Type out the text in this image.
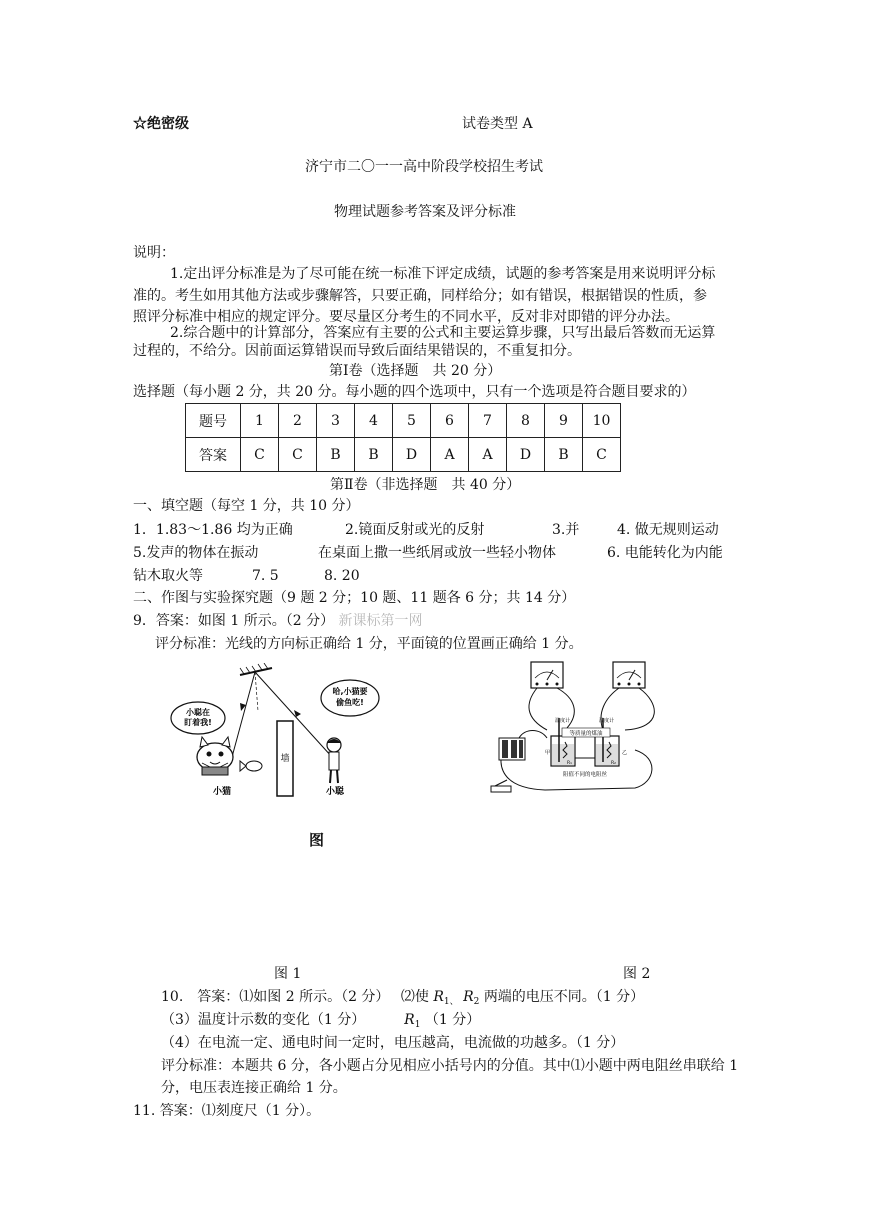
☆绝密级	试卷类型 A
济宁市二〇一一高中阶段学校招生考试
物理试题参考答案及评分标准
说明：
1.定出评分标准是为了尽可能在统一标准下评定成绩，试题的参考答案是用来说明评分标
准的。考生如用其他方法或步骤解答，只要正确，同样给分；如有错误，根据错误的性质，参
照评分标准中相应的规定评分。要尽量区分考生的不同水平，反对非对即错的评分办法。
2.综合题中的计算部分，答案应有主要的公式和主要运算步骤，只写出最后答数而无运算
过程的，不给分。因前面运算错误而导致后面结果错误的，不重复扣分。
第Ⅰ卷（选择题　共 20 分）
选择题（每小题 2 分，共 20 分。每小题的四个选项中，只有一个选项是符合题目要求的）
题号	1	2	3	4	5	6	7	8	9	10
答案	C	C	B	B	D	A	A	D	B	C
第Ⅱ卷（非选择题　共 40 分）
一、填空题（每空 1 分，共 10 分）
1．1.83～1.86 均为正确	2.镜面反射或光的反射	3.并	4. 做无规则运动
5.发声的物体在振动	在桌面上撒一些纸屑或放一些轻小物体	6. 电能转化为内能
钻木取火等	7. 5	8. 20
二、作图与实验探究题（9 题 2 分；10 题、11 题各 6 分；共 14 分）
9．答案：如图 1 所示。（2 分） 新课标第一网
评分标准：光线的方向标正确给 1 分，平面镜的位置画正确给 1 分。
墙
小聪在
盯着我!
小猫
哈,小猫要
偷鱼吃!
小聪
等质量的煤油
温度计	温度计
甲	乙
R₁	R₂
阻值不同的电阻丝
图
图 1	图 2
10.　答案：⑴如图 2 所示。（2 分）　 ⑵使 $R_{1、}$ $R_2$ 两端的电压不同。（1 分）
（3）温度计示数的变化（1 分）	$R_1$ （1 分）
（4）在电流一定、通电时间一定时，电压越高，电流做的功越多。（1 分）
评分标准：本题共 6 分，各小题占分见相应小括号内的分值。其中⑴小题中两电阻丝串联给 1
分，电压表连接正确给 1 分。
11. 答案：⑴刻度尺（1 分）。
